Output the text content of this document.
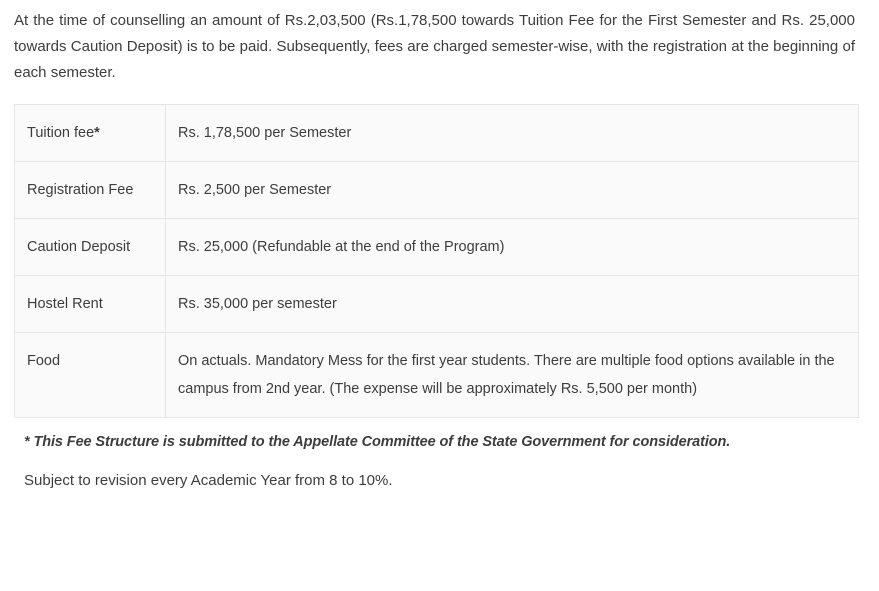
At the time of counselling an amount of Rs.2,03,500 (Rs.1,78,500 towards Tuition Fee for the First Semester and Rs. 25,000 towards Caution Deposit) is to be paid. Subsequently, fees are charged semester-wise, with the registration at the beginning of each semester.

Tuition fee*	Rs. 1,78,500 per Semester
Registration Fee	Rs. 2,500 per Semester
Caution Deposit	Rs. 25,000 (Refundable at the end of the Program)
Hostel Rent	Rs. 35,000 per semester
Food	On actuals. Mandatory Mess for the first year students. There are multiple food options available in the campus from 2nd year. (The expense will be approximately Rs. 5,500 per month)

* This Fee Structure is submitted to the Appellate Committee of the State Government for consideration.

Subject to revision every Academic Year from 8 to 10%.
